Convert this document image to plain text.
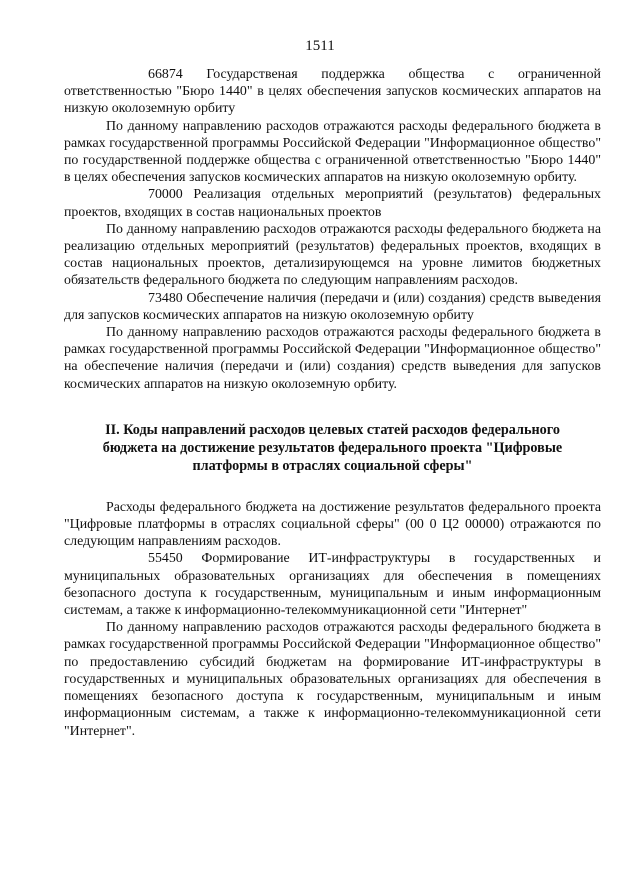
1511

66874 Государственая поддержка общества с ограниченной ответственностью "Бюро 1440" в целях обеспечения запусков космических аппаратов на низкую околоземную орбиту

По данному направлению расходов отражаются расходы федерального бюджета в рамках государственной программы Российской Федерации "Информационное общество" по государственной поддержке общества с ограниченной ответственностью "Бюро 1440" в целях обеспечения запусков космических аппаратов на низкую околоземную орбиту.

70000 Реализация отдельных мероприятий (результатов) федеральных проектов, входящих в состав национальных проектов

По данному направлению расходов отражаются расходы федерального бюджета на реализацию отдельных мероприятий (результатов) федеральных проектов, входящих в состав национальных проектов, детализирующемся на уровне лимитов бюджетных обязательств федерального бюджета по следующим направлениям расходов.

73480 Обеспечение наличия (передачи и (или) создания) средств выведения для запусков космических аппаратов на низкую околоземную орбиту

По данному направлению расходов отражаются расходы федерального бюджета в рамках государственной программы Российской Федерации "Информационное общество" на обеспечение наличия (передачи и (или) создания) средств выведения для запусков космических аппаратов на низкую околоземную орбиту.

II. Коды направлений расходов целевых статей расходов федерального бюджета на достижение результатов федерального проекта "Цифровые платформы в отраслях социальной сферы"

Расходы федерального бюджета на достижение результатов федерального проекта "Цифровые платформы в отраслях социальной сферы" (00 0 Ц2 00000) отражаются по следующим направлениям расходов.

55450 Формирование ИТ-инфраструктуры в государственных и муниципальных образовательных организациях для обеспечения в помещениях безопасного доступа к государственным, муниципальным и иным информационным системам, а также к информационно-телекоммуникационной сети "Интернет"

По данному направлению расходов отражаются расходы федерального бюджета в рамках государственной программы Российской Федерации "Информационное общество" по предоставлению субсидий бюджетам на формирование ИТ-инфраструктуры в государственных и муниципальных образовательных организациях для обеспечения в помещениях безопасного доступа к государственным, муниципальным и иным информационным системам, а также к информационно-телекоммуникационной сети "Интернет".
